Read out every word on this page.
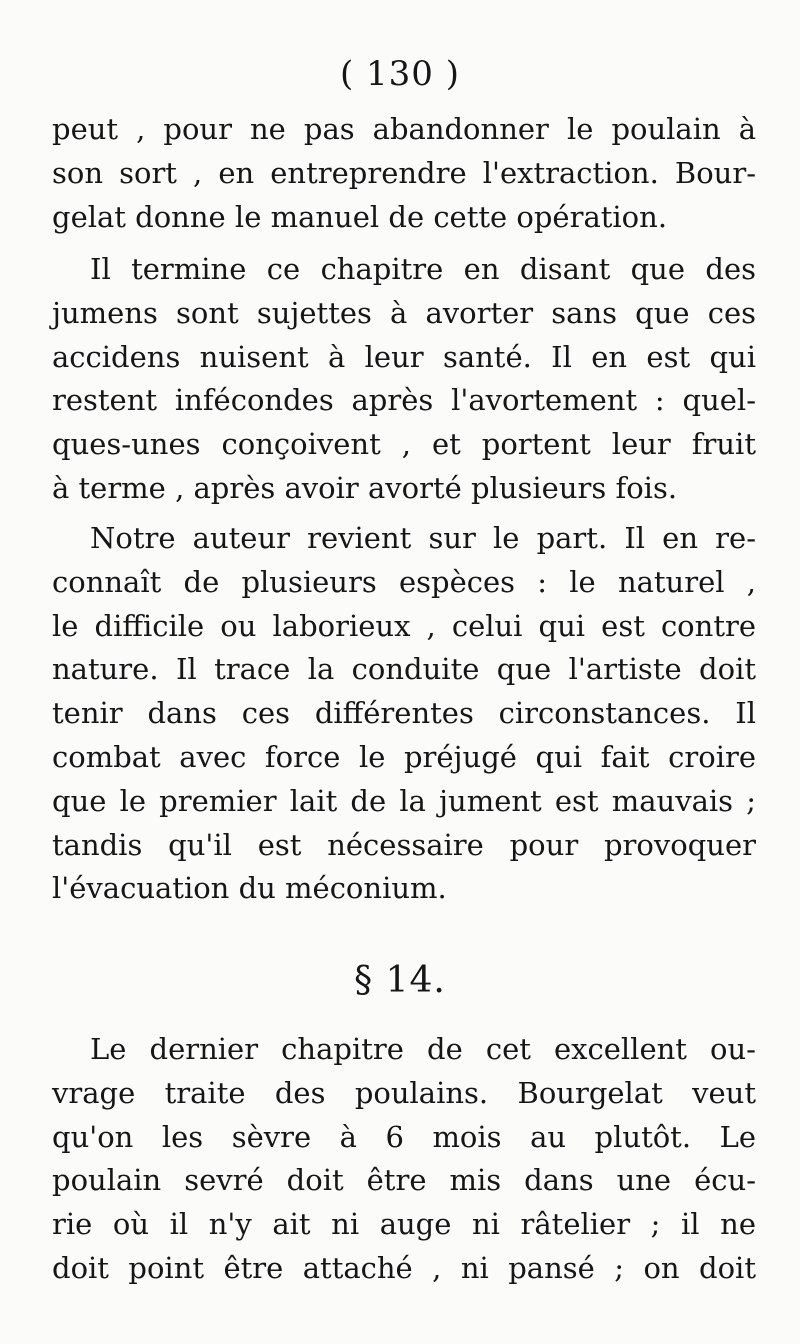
( 130 )
peut , pour ne pas abandonner le poulain à
son sort , en entreprendre l'extraction. Bour-
gelat donne le manuel de cette opération.
Il termine ce chapitre en disant que des
jumens sont sujettes à avorter sans que ces
accidens nuisent à leur santé. Il en est qui
restent infécondes après l'avortement : quel-
ques-unes conçoivent , et portent leur fruit
à terme , après avoir avorté plusieurs fois.
Notre auteur revient sur le part. Il en re-
connaît de plusieurs espèces : le naturel ,
le difficile ou laborieux , celui qui est contre
nature. Il trace la conduite que l'artiste doit
tenir dans ces différentes circonstances. Il
combat avec force le préjugé qui fait croire
que le premier lait de la jument est mauvais ;
tandis qu'il est nécessaire pour provoquer
l'évacuation du méconium.
§ 14.
Le dernier chapitre de cet excellent ou-
vrage traite des poulains. Bourgelat veut
qu'on les sèvre à 6 mois au plutôt. Le
poulain sevré doit être mis dans une écu-
rie où il n'y ait ni auge ni râtelier ; il ne
doit point être attaché , ni pansé ; on doit
